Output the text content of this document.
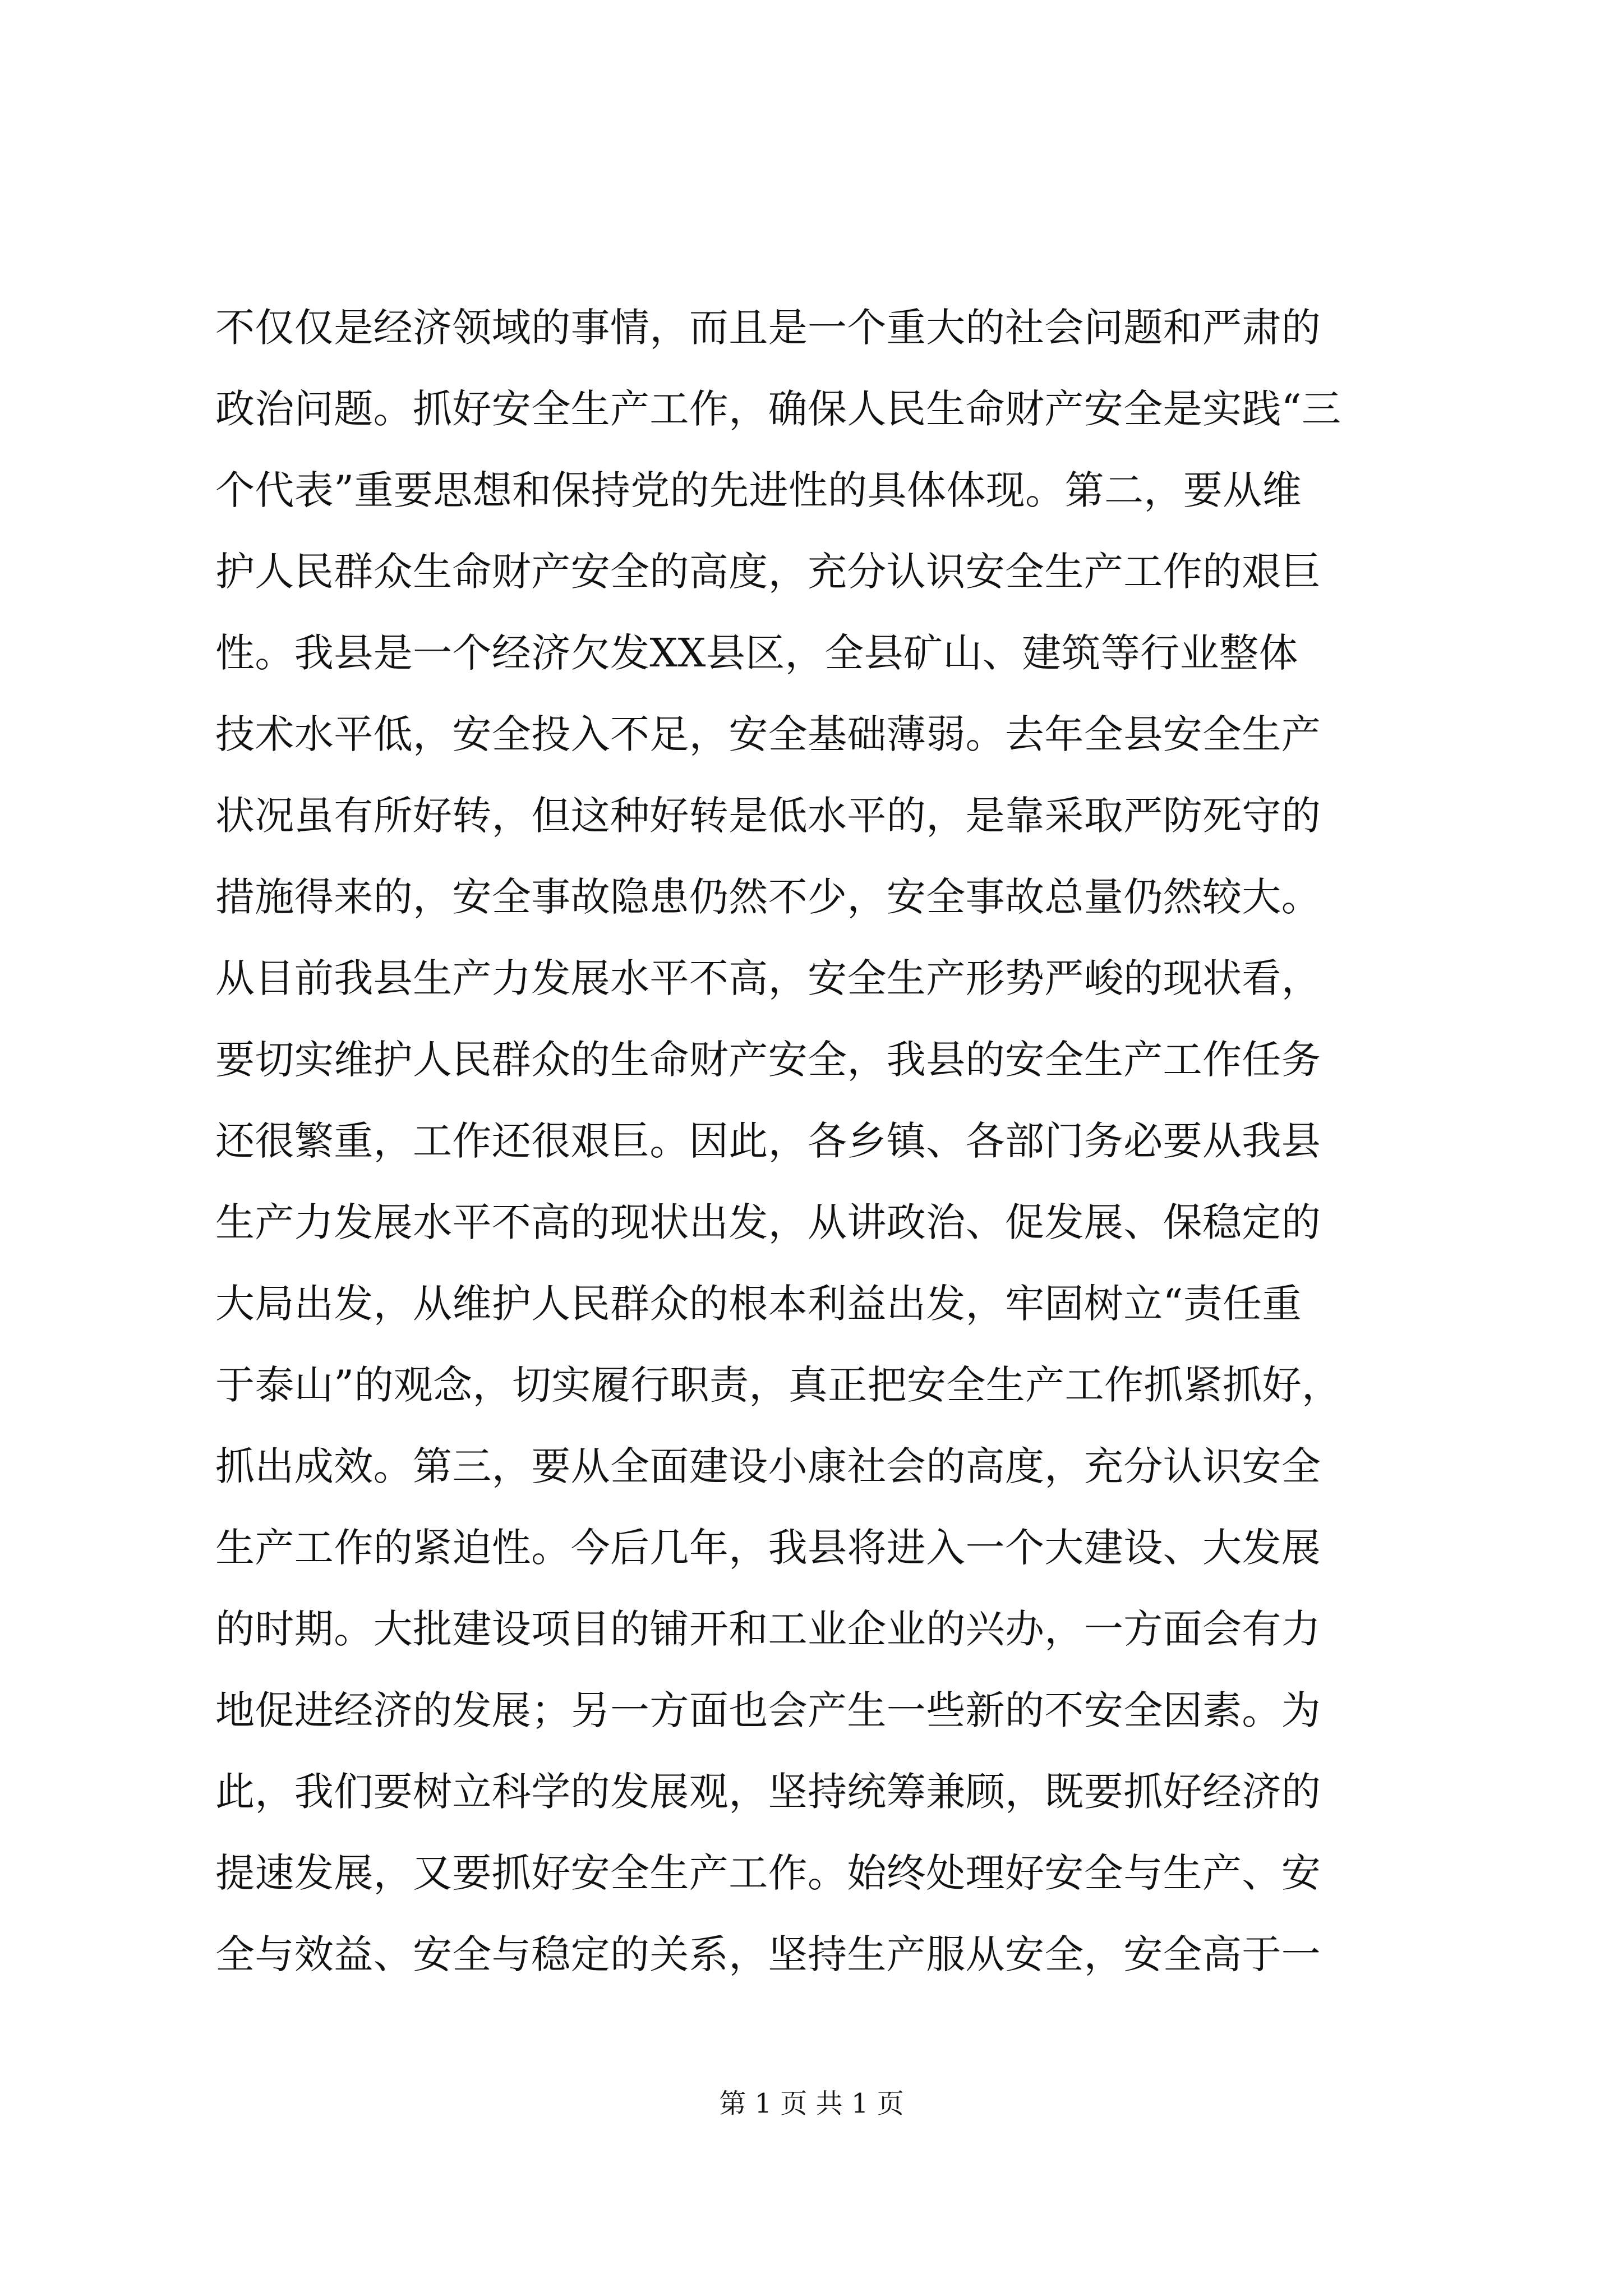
不仅仅是经济领域的事情，而且是一个重大的社会问题和严肃的
政治问题。抓好安全生产工作，确保人民生命财产安全是实践“三
个代表”重要思想和保持党的先进性的具体体现。第二，要从维
护人民群众生命财产安全的高度，充分认识安全生产工作的艰巨
性。我县是一个经济欠发XX县区，全县矿山、建筑等行业整体
技术水平低，安全投入不足，安全基础薄弱。去年全县安全生产
状况虽有所好转，但这种好转是低水平的，是靠采取严防死守的
措施得来的，安全事故隐患仍然不少，安全事故总量仍然较大。
从目前我县生产力发展水平不高，安全生产形势严峻的现状看，
要切实维护人民群众的生命财产安全，我县的安全生产工作任务
还很繁重，工作还很艰巨。因此，各乡镇、各部门务必要从我县
生产力发展水平不高的现状出发，从讲政治、促发展、保稳定的
大局出发，从维护人民群众的根本利益出发，牢固树立“责任重
于泰山”的观念，切实履行职责，真正把安全生产工作抓紧抓好，
抓出成效。第三，要从全面建设小康社会的高度，充分认识安全
生产工作的紧迫性。今后几年，我县将进入一个大建设、大发展
的时期。大批建设项目的铺开和工业企业的兴办，一方面会有力
地促进经济的发展；另一方面也会产生一些新的不安全因素。为
此，我们要树立科学的发展观，坚持统筹兼顾，既要抓好经济的
提速发展，又要抓好安全生产工作。始终处理好安全与生产、安
全与效益、安全与稳定的关系，坚持生产服从安全，安全高于一
第 1 页 共 1 页
